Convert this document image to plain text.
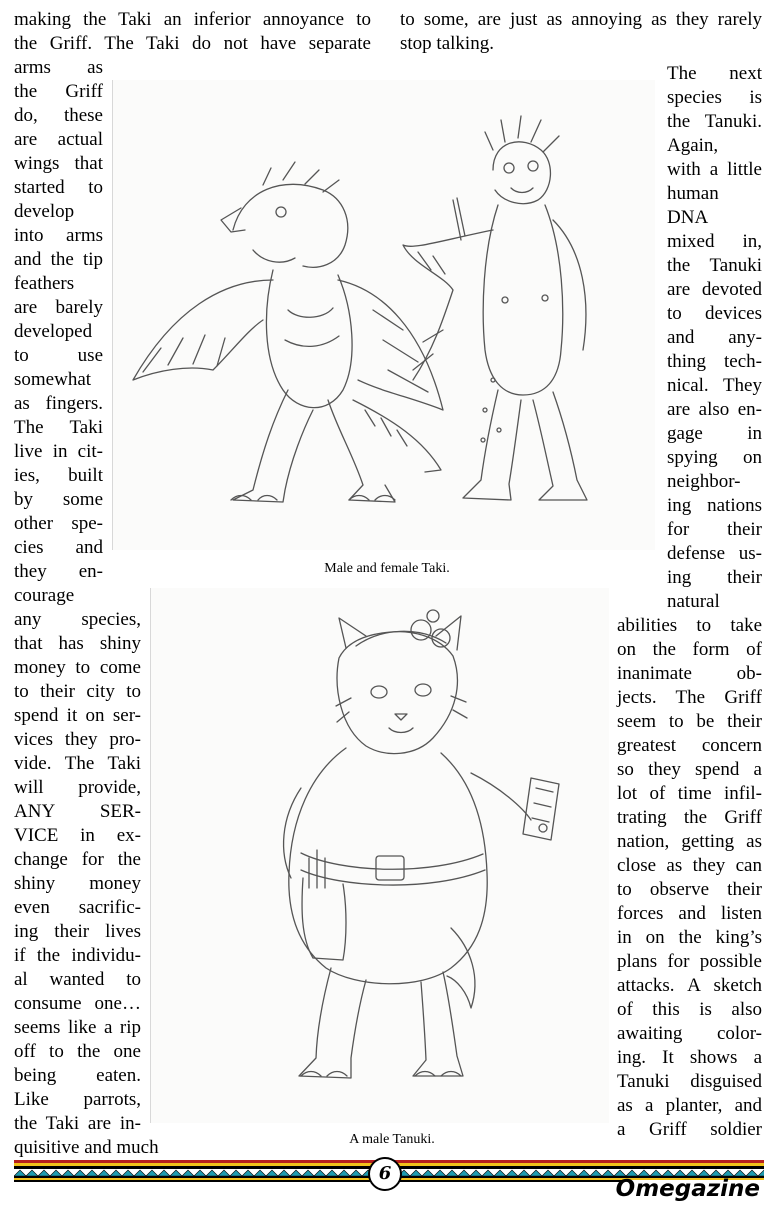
making the Taki an inferior annoyance to
the Griff. The Taki do not have separate
to some, are just as annoying as they rarely
stop talking.
arms as
the Griff
do, these
are actual
wings that
started to
develop
into arms
and the tip
feathers
are barely
developed
to use
somewhat
as fingers.
The Taki
live in cit-
ies, built
by some
other spe-
cies and
they en-
courage
any species,
that has shiny
money to come
to their city to
spend it on ser-
vices they pro-
vide. The Taki
will provide,
ANY SER-
VICE in ex-
change for the
shiny money
even sacrific-
ing their lives
if the individu-
al wanted to
consume one…
seems like a rip
off to the one
being eaten.
Like parrots,
the Taki are in-
quisitive and much
The next
species is
the Tanuki.
Again,
with a little
human
DNA
mixed in,
the Tanuki
are devoted
to devices
and any-
thing tech-
nical. They
are also en-
gage in
spying on
neighbor-
ing nations
for their
defense us-
ing their
natural
abilities to take
on the form of
inanimate ob-
jects. The Griff
seem to be their
greatest concern
so they spend a
lot of time infil-
trating the Griff
nation, getting as
close as they can
to observe their
forces and listen
in on the king’s
plans for possible
attacks. A sketch
of this is also
awaiting color-
ing. It shows a
Tanuki disguised
as a planter, and
a Griff soldier
Male and female Taki.
A male Tanuki.
6
Omegazine
